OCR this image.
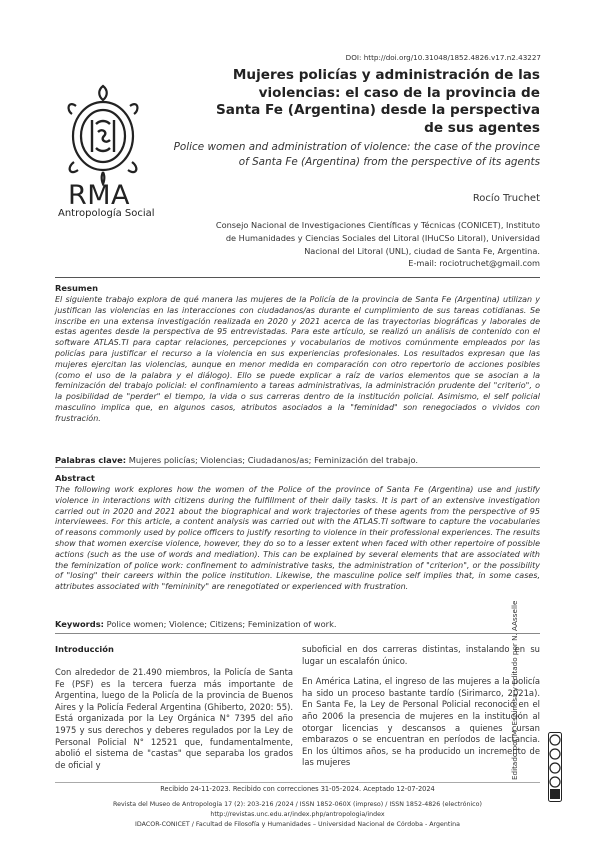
DOI: http://doi.org/10.31048/1852.4826.v17.n2.43227
RMA
Antropología Social
Mujeres policías y administración de las violencias: el caso de la provincia de Santa Fe (Argentina) desde la perspectiva de sus agentes
Police women and administration of violence: the case of the province of Santa Fe (Argentina) from the perspective of its agents
Rocío Truchet
Consejo Nacional de Investigaciones Científicas y Técnicas (CONICET), Instituto
de Humanidades y Ciencias Sociales del Litoral (IHuCSo Litoral), Universidad
Nacional del Litoral (UNL), ciudad de Santa Fe, Argentina.
E-mail: rociotruchet@gmail.com
Resumen
El siguiente trabajo explora de qué manera las mujeres de la Policía de la provincia de Santa Fe (Argentina) utilizan y justifican las violencias en las interacciones con ciudadanos/as durante el cumplimiento de sus tareas cotidianas. Se inscribe en una extensa investigación realizada en 2020 y 2021 acerca de las trayectorias biográficas y laborales de estas agentes desde la perspectiva de 95 entrevistadas. Para este artículo, se realizó un análisis de contenido con el software ATLAS.TI para captar relaciones, percepciones y vocabularios de motivos comúnmente empleados por las policías para justificar el recurso a la violencia en sus experiencias profesionales. Los resultados expresan que las mujeres ejercitan las violencias, aunque en menor medida en comparación con otro repertorio de acciones posibles (como el uso de la palabra y el diálogo). Ello se puede explicar a raíz de varios elementos que se asocian a la feminización del trabajo policial: el confinamiento a tareas administrativas, la administración prudente del "criterio", o la posibilidad de "perder" el tiempo, la vida o sus carreras dentro de la institución policial. Asimismo, el self policial masculino implica que, en algunos casos, atributos asociados a la "feminidad" son renegociados o vividos con frustración.
Palabras clave: Mujeres policías; Violencias; Ciudadanos/as; Feminización del trabajo.
Abstract
The following work explores how the women of the Police of the province of Santa Fe (Argentina) use and justify violence in interactions with citizens during the fulfillment of their daily tasks. It is part of an extensive investigation carried out in 2020 and 2021 about the biographical and work trajectories of these agents from the perspective of 95 interviewees. For this article, a content analysis was carried out with the ATLAS.TI software to capture the vocabularies of reasons commonly used by police officers to justify resorting to violence in their professional experiences. The results show that women exercise violence, however, they do so to a lesser extent when faced with other repertoire of possible actions (such as the use of words and mediation). This can be explained by several elements that are associated with the feminization of police work: confinement to administrative tasks, the administration of "criterion", or the possibility of "losing" their careers within the police institution. Likewise, the masculine police self implies that, in some cases, attributes associated with "femininity" are renegotiated or experienced with frustration.
Keywords: Police women; Violence; Citizens; Feminization of work.
Introducción

Con alrededor de 21.490 miembros, la Policía de Santa Fe (PSF) es la tercera fuerza más importante de Argentina, luego de la Policía de la provincia de Buenos Aires y la Policía Federal Argentina (Ghiberto, 2020: 55). Está organizada por la Ley Orgánica N° 7395 del año 1975 y sus derechos y deberes regulados por la Ley de Personal Policial N° 12521 que, fundamentalmente, abolió el sistema de "castas" que separaba los grados de oficial y

suboficial en dos carreras distintas, instalando en su lugar un escalafón único.

En América Latina, el ingreso de las mujeres a la policía ha sido un proceso bastante tardío (Sirimarco, 2021a). En Santa Fe, la Ley de Personal Policial reconoció en el año 2006 la presencia de mujeres en la institución al otorgar licencias y descansos a quienes cursan embarazos o se encuentran en períodos de lactancia. En los últimos años, se ha producido un incremento de las mujeres

Recibido 24-11-2023. Recibido con correcciones 31-05-2024. Aceptado 12-07-2024
Revista del Museo de Antropología 17 (2): 203-216 /2024 / ISSN 1852-060X (impreso) / ISSN 1852-4826 (electrónico)
http://revistas.unc.edu.ar/index.php/antropologia/index
IDACOR-CONICET / Facultad de Filosofía y Humanidades – Universidad Nacional de Córdoba - Argentina
Editado por M. Espinosa y Editado por N. AAsselle
